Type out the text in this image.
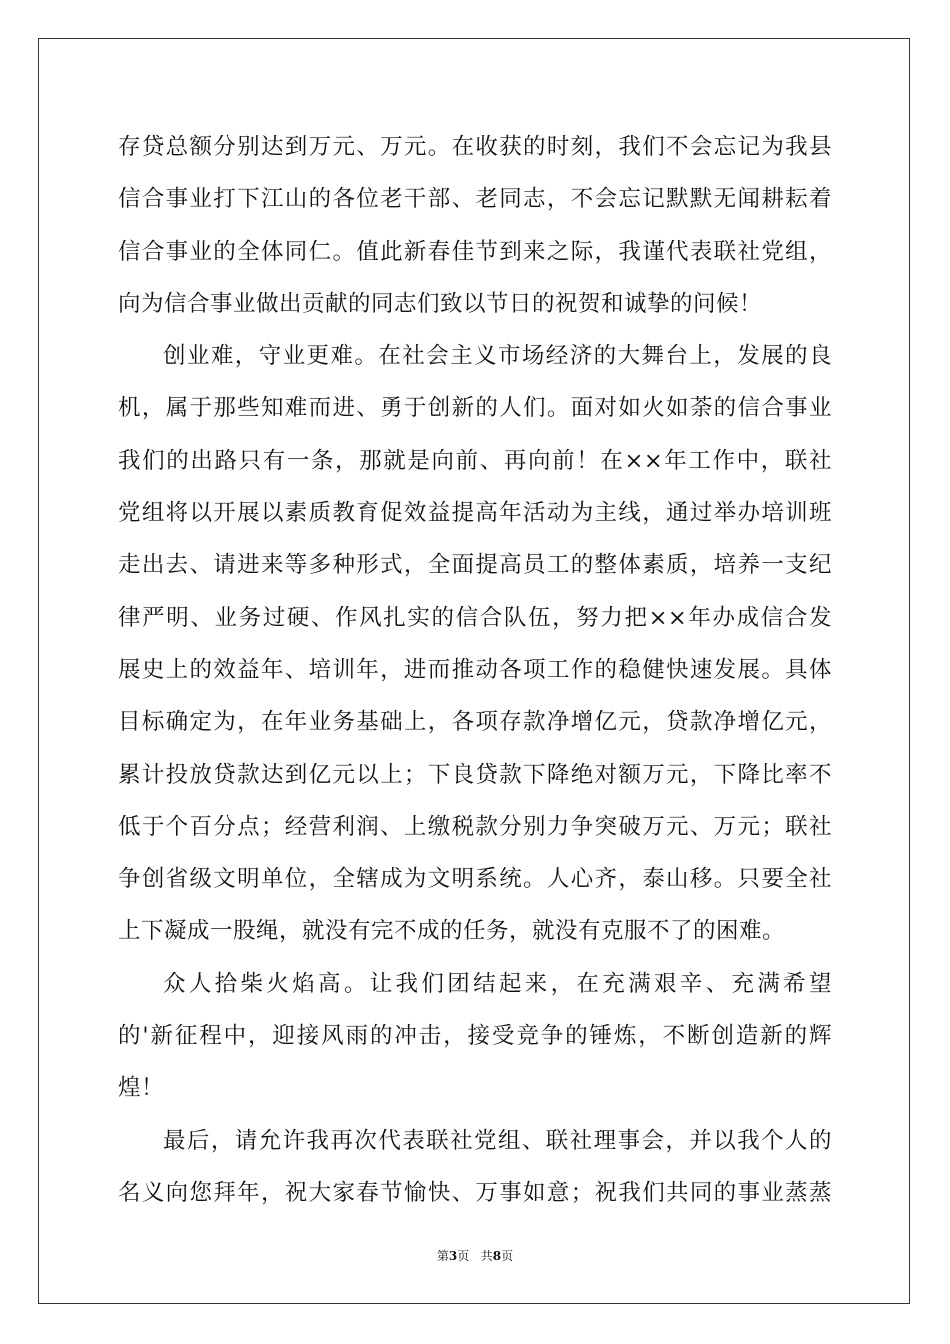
存贷总额分别达到万元、万元。在收获的时刻，我们不会忘记为我县
信合事业打下江山的各位老干部、老同志，不会忘记默默无闻耕耘着
信合事业的全体同仁。值此新春佳节到来之际，我谨代表联社党组，
向为信合事业做出贡献的同志们致以节日的祝贺和诚挚的问候！
创业难，守业更难。在社会主义市场经济的大舞台上，发展的良
机，属于那些知难而进、勇于创新的人们。面对如火如荼的信合事业
我们的出路只有一条，那就是向前、再向前！在××年工作中，联社
党组将以开展以素质教育促效益提高年活动为主线，通过举办培训班
走出去、请进来等多种形式，全面提高员工的整体素质，培养一支纪
律严明、业务过硬、作风扎实的信合队伍，努力把××年办成信合发
展史上的效益年、培训年，进而推动各项工作的稳健快速发展。具体
目标确定为，在年业务基础上，各项存款净增亿元，贷款净增亿元，
累计投放贷款达到亿元以上；下良贷款下降绝对额万元，下降比率不
低于个百分点；经营利润、上缴税款分别力争突破万元、万元；联社
争创省级文明单位，全辖成为文明系统。人心齐，泰山移。只要全社
上下凝成一股绳，就没有完不成的任务，就没有克服不了的困难。
众人拾柴火焰高。让我们团结起来，在充满艰辛、充满希望
的'新征程中，迎接风雨的冲击，接受竞争的锤炼，不断创造新的辉
煌！
最后，请允许我再次代表联社党组、联社理事会，并以我个人的
名义向您拜年，祝大家春节愉快、万事如意；祝我们共同的事业蒸蒸
第3页 共8页
